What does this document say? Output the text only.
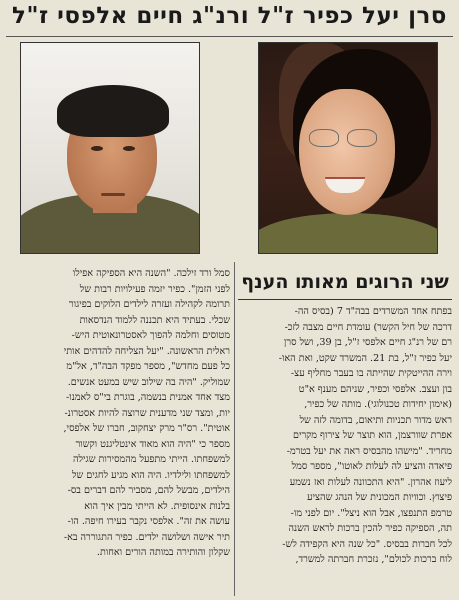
סרן יעל כפיר ז"ל ורנ"ג חיים אלפסי ז"ל
שני הרוגים מאותו הענף
בפתח אחד המשרדים בבה"ד 7 (בסיס הה-
דרכה של חיל הקשר) עומדת חיים מצבה לזכ-
רם של רנ"ג חיים אלפסי ז"ל, בן 39, ושל סרן
יעל כפיר ז"ל, בת 21. המשרד שקט, ואת האו-
וירה ההייטקית שהייתה בו בעבר מחליף עצ-
בון ועצב. אלפסי וכפיר, שניהם מענף א"ט
(אימון יחידות טכנולוגי). מותה של כפיר,
ראש מדור תכניות ותיאום, בדומה לזה של
אפרת שוורצמן, הוא תוצר של צירוף מקרים
מחריד. "מישהו מהבסיס ראה את יעל בטרמ-
פיאדה והציע לה לעלות לאוטו", מספר סמל
ליעוז אהרון. "היא התכוונה לעלות ואז נשמע
פיצוץ. וכוויות המכונית של הנהג שהציע
טרמפ התנפצו, אבל הוא ניצל". יום לפני מו-
תה, הספיקה כפיר להכין ברכות לראש השנה
לכל חברות בבסיס. "כל שנה היא הקפידה לש-
לוח ברכות לכולם", נזכרת חברתה למשרד,
סמל ורד זילכה. "השנה היא הספיקה אפילו
לפני הזמן". כפיר יזמה פעילויות רבות של
תרומה לקהילה ועזרה לילדים הלוקים בפיגור
שכלי. בעתיד היא תכננה ללמוד הנדסאות
מטוסים וחלמה להפוך לאסטרונאוטית היש-
ראלית הראשונה. "יעל הצליחה להדהים אותי
כל פעם מחדש", מספר מפקד הבה"ד, אל"מ
שמוליק. "היה בה שילוב שיש במעט אנשים.
מצד אחד אמנית בנשמה, בוגרת בי"ס לאמנו-
יות, ומצד שני מדענית שרוצה להיות אסטרונ-
אוטית". רס"ר מרק יצחקוב, חברו של אלפסי,
מספר כי "היה הוא מאוד אינטליגנט וקשור
למשפחתו. הייתי מתפעל מהמסירות שגילה
למשפחתו ולילדיו. היה הוא מגיע לחגים של
הילדים, מבשל להם, מסביר להם דברים בס-
בלנות אינסופית. לא הייתי מבין איך הוא
עושה את זה". אלפסי נקבר בעירו חיפה. הו-
תיר אישה ושלושה ילדים. כפיר התגוררה בא-
שקלון והותירה במותה הורים ואחות.
